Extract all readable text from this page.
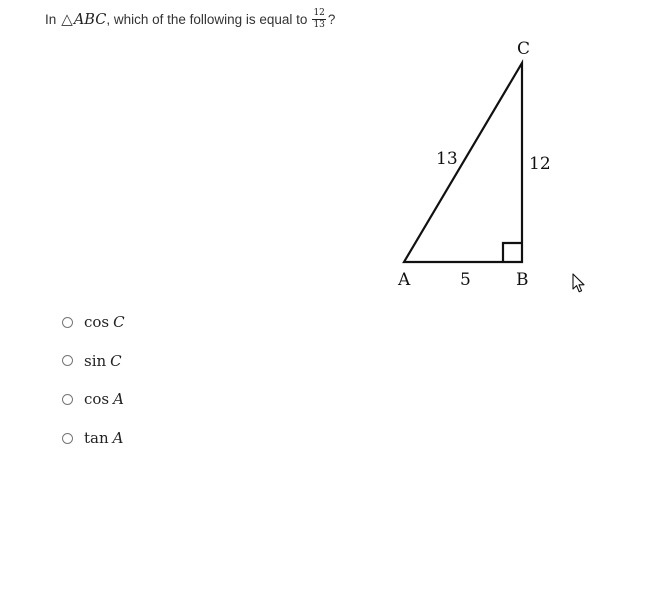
In △ABC , which of the following is equal to $\frac{12}{13}$ ?
C
A	B
13	12
5
cos C
sin C
cos A
tan A
